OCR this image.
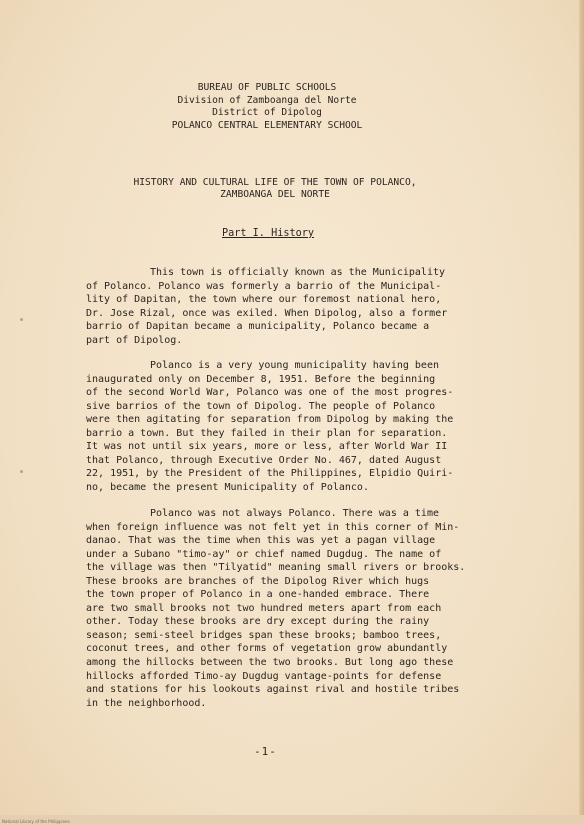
BUREAU OF PUBLIC SCHOOLS
Division of Zamboanga del Norte
District of Dipolog
POLANCO CENTRAL ELEMENTARY SCHOOL
HISTORY AND CULTURAL LIFE OF THE TOWN OF POLANCO,
ZAMBOANGA DEL NORTE
Part I. History
This town is officially known as the Municipality
of Polanco. Polanco was formerly a barrio of the Municipal-
lity of Dapitan, the town where our foremost national hero,
Dr. Jose Rizal, once was exiled. When Dipolog, also a former
barrio of Dapitan became a municipality, Polanco became a
part of Dipolog.
Polanco is a very young municipality having been
inaugurated only on December 8, 1951. Before the beginning
of the second World War, Polanco was one of the most progres-
sive barrios of the town of Dipolog. The people of Polanco
were then agitating for separation from Dipolog by making the
barrio a town. But they failed in their plan for separation.
It was not until six years, more or less, after World War II
that Polanco, through Executive Order No. 467, dated August
22, 1951, by the President of the Philippines, Elpidio Quiri-
no, became the present Municipality of Polanco.
Polanco was not always Polanco. There was a time
when foreign influence was not felt yet in this corner of Min-
danao. That was the time when this was yet a pagan village
under a Subano "timo-ay" or chief named Dugdug. The name of
the village was then "Tilyatid" meaning small rivers or brooks.
These brooks are branches of the Dipolog River which hugs
the town proper of Polanco in a one-handed embrace. There
are two small brooks not two hundred meters apart from each
other. Today these brooks are dry except during the rainy
season; semi-steel bridges span these brooks; bamboo trees,
coconut trees, and other forms of vegetation grow abundantly
among the hillocks between the two brooks. But long ago these
hillocks afforded Timo-ay Dugdug vantage-points for defense
and stations for his lookouts against rival and hostile tribes
in the neighborhood.
-1-
National Library of the Philippines
